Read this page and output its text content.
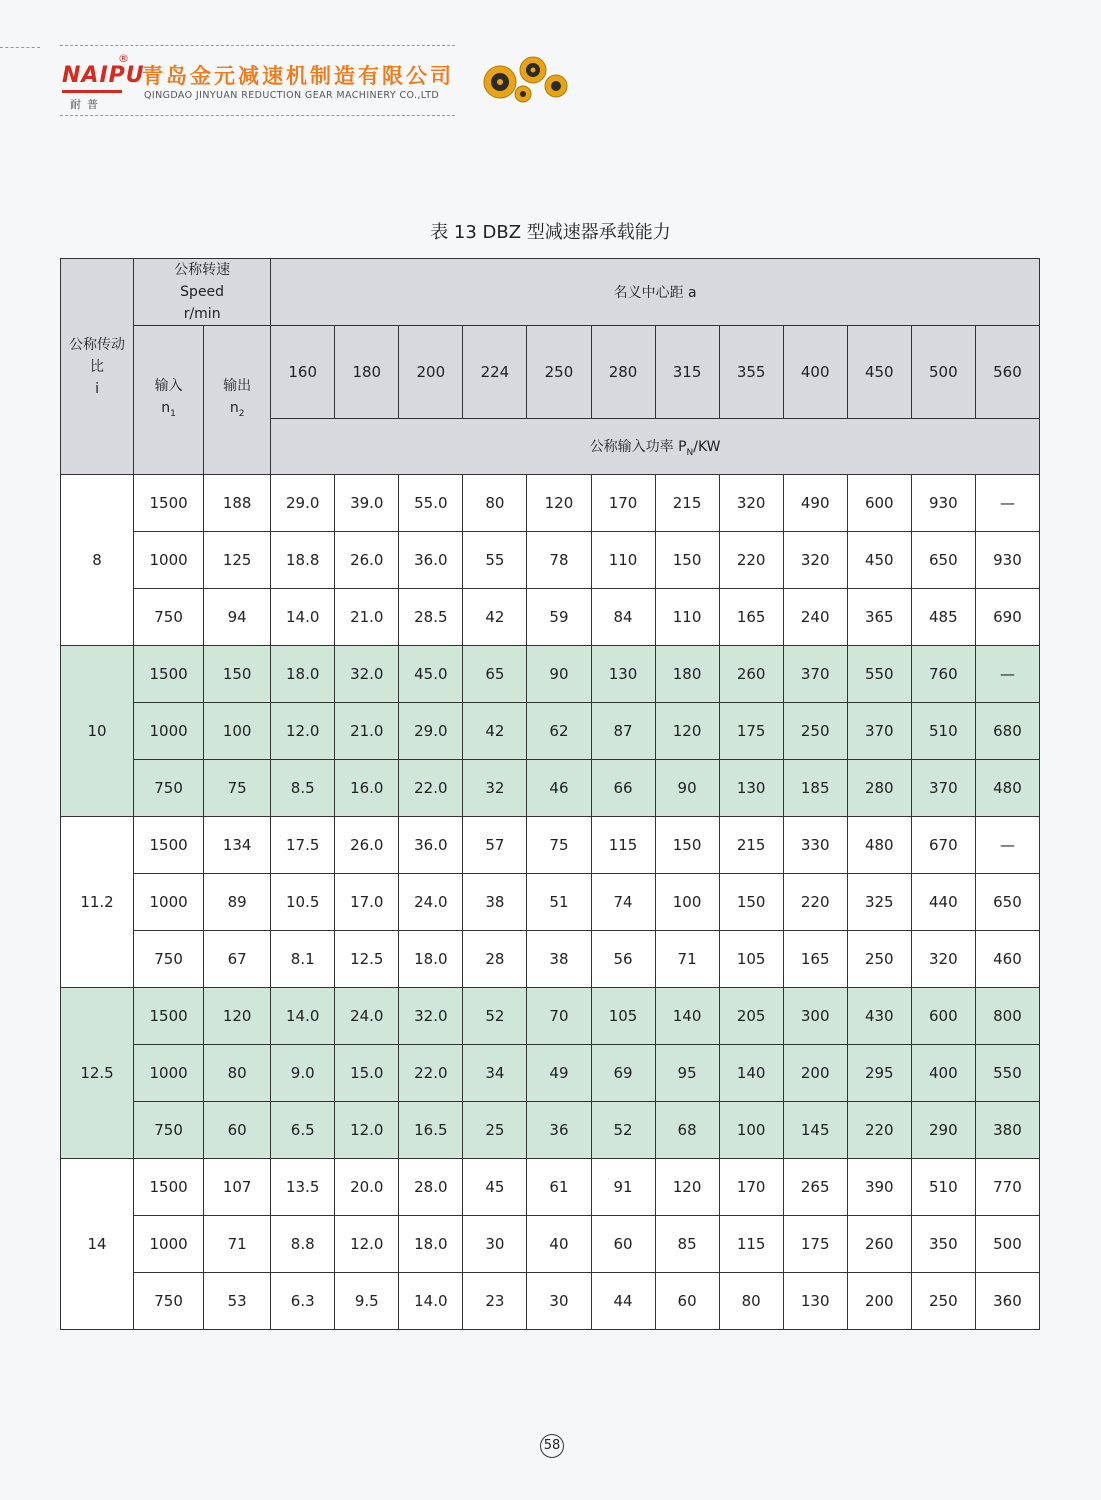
NAIPU
®
耐普
青岛金元减速机制造有限公司
QINGDAO JINYUAN REDUCTION GEAR MACHINERY CO.,LTD
表 13 DBZ 型减速器承载能力
公称传动
比
i	公称转速
Speed
r/min		名义中心距 a											
	输入
$n_1$	输出
$n_2$	160	180	200	224	250	280	315	355	400	450	500	560
			公称输入功率 $P_N/KW$											
8	1500	188	29.0	39.0	55.0	80	120	170	215	320	490	600	930	—
	1000	125	18.8	26.0	36.0	55	78	110	150	220	320	450	650	930
	750	94	14.0	21.0	28.5	42	59	84	110	165	240	365	485	690
10	1500	150	18.0	32.0	45.0	65	90	130	180	260	370	550	760	—
	1000	100	12.0	21.0	29.0	42	62	87	120	175	250	370	510	680
	750	75	8.5	16.0	22.0	32	46	66	90	130	185	280	370	480
11.2	1500	134	17.5	26.0	36.0	57	75	115	150	215	330	480	670	—
	1000	89	10.5	17.0	24.0	38	51	74	100	150	220	325	440	650
	750	67	8.1	12.5	18.0	28	38	56	71	105	165	250	320	460
12.5	1500	120	14.0	24.0	32.0	52	70	105	140	205	300	430	600	800
	1000	80	9.0	15.0	22.0	34	49	69	95	140	200	295	400	550
	750	60	6.5	12.0	16.5	25	36	52	68	100	145	220	290	380
14	1500	107	13.5	20.0	28.0	45	61	91	120	170	265	390	510	770
	1000	71	8.8	12.0	18.0	30	40	60	85	115	175	260	350	500
	750	53	6.3	9.5	14.0	23	30	44	60	80	130	200	250	360
58
